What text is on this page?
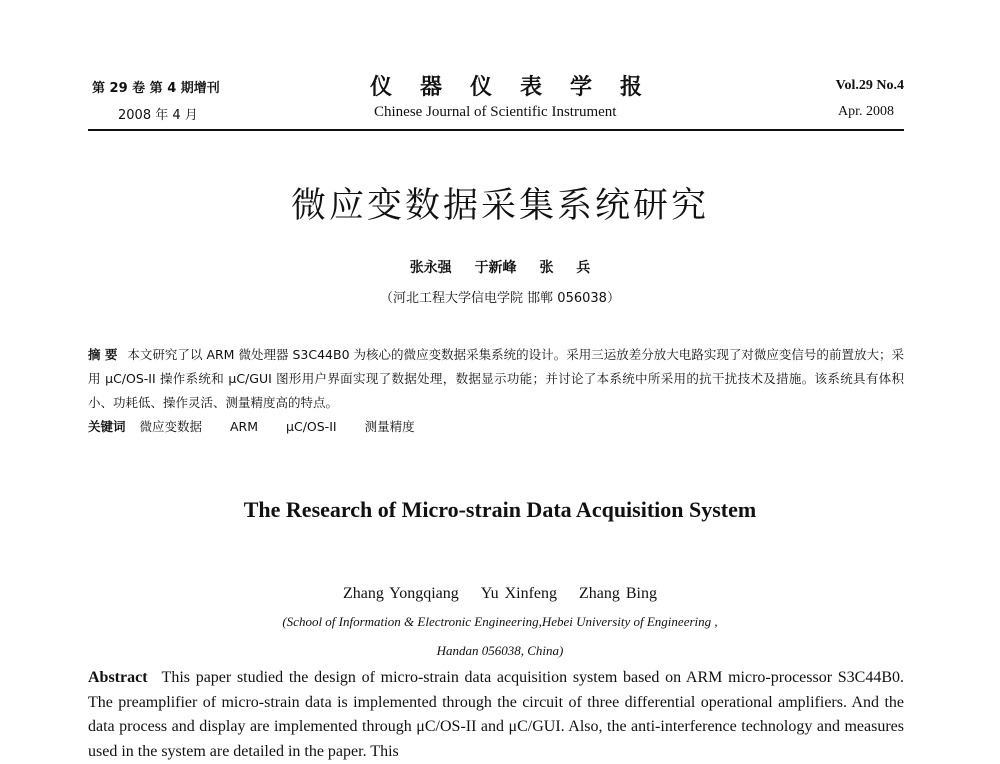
第 29 卷 第 4 期增刊
2008 年 4 月
仪器仪表学报
Chinese Journal of Scientific Instrument
Vol.29 No.4
Apr. 2008
微应变数据采集系统研究
张永强 于新峰 张 兵
（河北工程大学信电学院 邯郸 056038）
摘 要 本文研究了以 ARM 微处理器 S3C44B0 为核心的微应变数据采集系统的设计。采用三运放差分放大电路实现了对微应变信号的前置放大；采用 μC/OS-II 操作系统和 μC/GUI 图形用户界面实现了数据处理，数据显示功能；并讨论了本系统中所采用的抗干扰技术及措施。该系统具有体积小、功耗低、操作灵活、测量精度高的特点。
关键词 微应变数据 ARM μC/OS-II 测量精度
The Research of Micro-strain Data Acquisition System
Zhang Yongqiang Yu Xinfeng Zhang Bing
(School of Information & Electronic Engineering,Hebei University of Engineering ,
Handan 056038, China)
Abstract This paper studied the design of micro-strain data acquisition system based on ARM micro-processor S3C44B0. The preamplifier of micro-strain data is implemented through the circuit of three differential operational amplifiers. And the data process and display are implemented through μC/OS-II and μC/GUI. Also, the anti-interference technology and measures used in the system are detailed in the paper. This
